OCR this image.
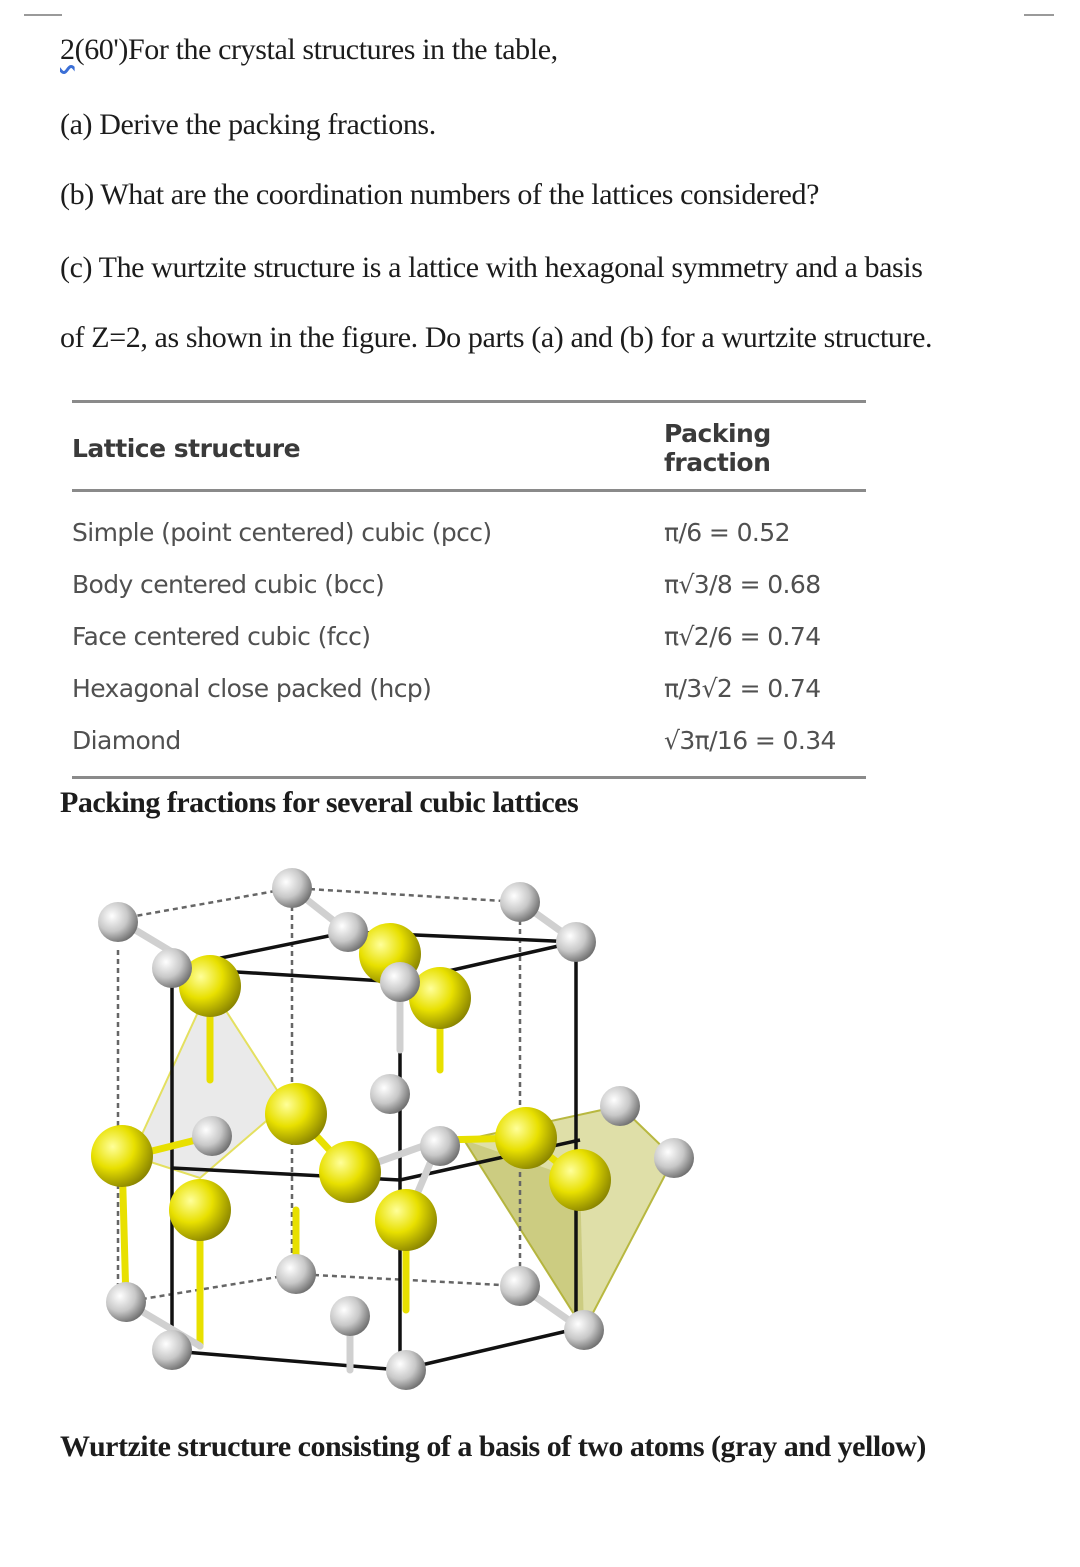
2(60')For the crystal structures in the table,

(a) Derive the packing fractions.

(b) What are the coordination numbers of the lattices considered?

(c) The wurtzite structure is a lattice with hexagonal symmetry and a basis

of Z=2, as shown in the figure. Do parts (a) and (b) for a wurtzite structure.

Lattice structure	Packing fraction
Simple (point centered) cubic (pcc)	π/6 = 0.52
Body centered cubic (bcc)	π√3/8 = 0.68
Face centered cubic (fcc)	π√2/6 = 0.74
Hexagonal close packed (hcp)	π/3√2 = 0.74
Diamond	√3π/16 = 0.34

Packing fractions for several cubic lattices

Wurtzite structure consisting of a basis of two atoms (gray and yellow)
